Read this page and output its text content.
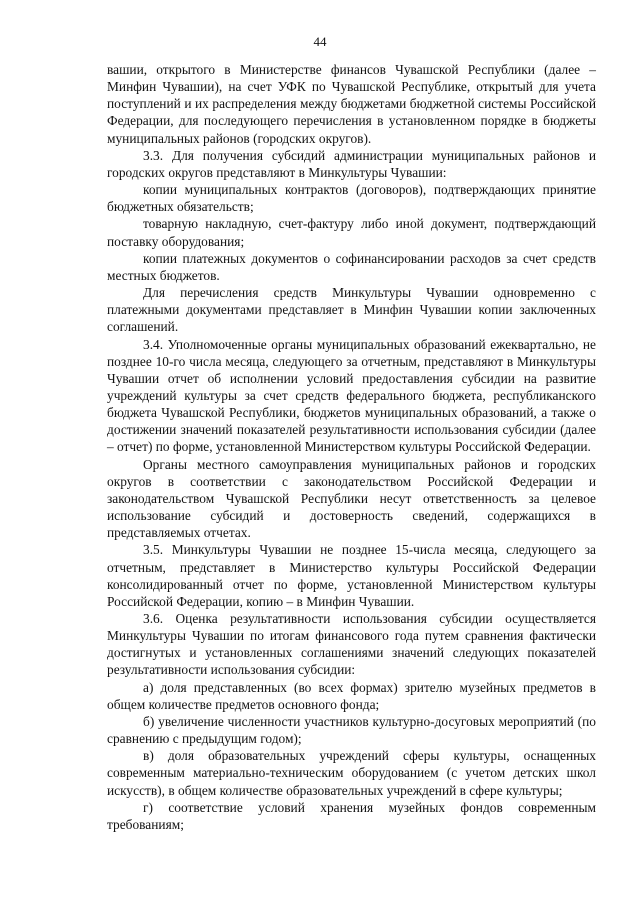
44

вашии, открытого в Министерстве финансов Чувашской Республики (далее – Минфин Чувашии), на счет УФК по Чувашской Республике, открытый для учета поступлений и их распределения между бюджетами бюджетной системы Российской Федерации, для последующего перечисления в установленном порядке в бюджеты муниципальных районов (городских округов).

3.3. Для получения субсидий администрации муниципальных районов и городских округов представляют в Минкультуры Чувашии:

копии муниципальных контрактов (договоров), подтверждающих принятие бюджетных обязательств;

товарную накладную, счет-фактуру либо иной документ, подтверждающий поставку оборудования;

копии платежных документов о софинансировании расходов за счет средств местных бюджетов.

Для перечисления средств Минкультуры Чувашии одновременно с платежными документами представляет в Минфин Чувашии копии заключенных соглашений.

3.4. Уполномоченные органы муниципальных образований ежеквартально, не позднее 10-го числа месяца, следующего за отчетным, представляют в Минкультуры Чувашии отчет об исполнении условий предоставления субсидии на развитие учреждений культуры за счет средств федерального бюджета, республиканского бюджета Чувашской Республики, бюджетов муниципальных образований, а также о достижении значений показателей результативности использования субсидии (далее – отчет) по форме, установленной Министерством культуры Российской Федерации.

Органы местного самоуправления муниципальных районов и городских округов в соответствии с законодательством Российской Федерации и законодательством Чувашской Республики несут ответственность за целевое использование субсидий и достоверность сведений, содержащихся в представляемых отчетах.

3.5. Минкультуры Чувашии не позднее 15-числа месяца, следующего за отчетным, представляет в Министерство культуры Российской Федерации консолидированный отчет по форме, установленной Министерством культуры Российской Федерации, копию – в Минфин Чувашии.

3.6. Оценка результативности использования субсидии осуществляется Минкультуры Чувашии по итогам финансового года путем сравнения фактически достигнутых и установленных соглашениями значений следующих показателей результативности использования субсидии:

а) доля представленных (во всех формах) зрителю музейных предметов в общем количестве предметов основного фонда;

б) увеличение численности участников культурно-досуговых мероприятий (по сравнению с предыдущим годом);

в) доля образовательных учреждений сферы культуры, оснащенных современным материально-техническим оборудованием (с учетом детских школ искусств), в общем количестве образовательных учреждений в сфере культуры;

г) соответствие условий хранения музейных фондов современным требованиям;
